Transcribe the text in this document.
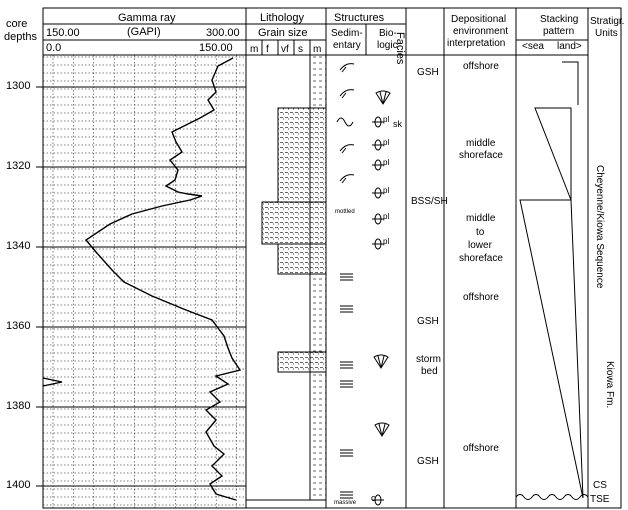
core
depths
1300
1320
1340
1360
1380
1400
Gamma ray
(GAPI)
150.00	300.00
0.0	150.00
Lithology
Grain size
m f vf s m
Structures
Sedim-
entary
Bio-
logic
Facies
Depositional
environment
interpretation
Stacking
pattern
<sea land>
Stratigr.
Units
GSH
BSS/SH
GSH
storm
bed
GSH
offshore
middle
shoreface
middle
to
lower
shoreface
offshore
offshore
mottled
massive
sk
c
pl
pl
pl
pl
pl
pl	Cheyenne/Kiowa Sequence
Kiowa Fm.
CS
TSE
